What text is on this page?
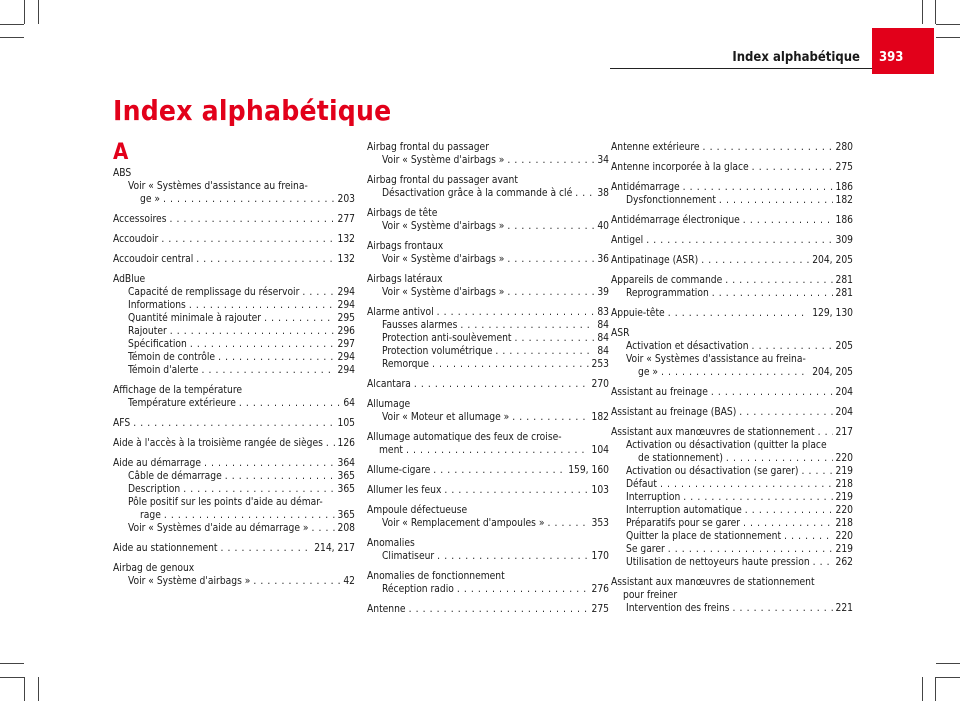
Index alphabétique 393
Index alphabétique
A
ABS
Voir « Systèmes d'assistance au freina-
ge » . . .	203
Accessoires . . .	277
Accoudoir . . .	132
Accoudoir central . . .	132
AdBlue
Capacité de remplissage du réservoir . . .	294
Informations . . .	294
Quantité minimale à rajouter . . .	295
Rajouter . . .	296
Spécification . . .	297
Témoin de contrôle . . .	294
Témoin d'alerte . . .	294
Affichage de la température
Température extérieure . . .	64
AFS . . .	105
Aide à l'accès à la troisième rangée de sièges . . . 126
Aide au démarrage . . .	364
Câble de démarrage . . .	365
Description . . .	365
Pôle positif sur les points d'aide au démar-
rage . . .	365
Voir « Systèmes d'aide au démarrage » . . .	208
Aide au stationnement . . .	214, 217
Airbag de genoux
Voir « Système d'airbags » . . .	42
Airbag frontal du passager
Voir « Système d'airbags » . . .	34
Airbag frontal du passager avant
Désactivation grâce à la commande à clé . . . 38
Airbags de tête
Voir « Système d'airbags » . . .	40
Airbags frontaux
Voir « Système d'airbags » . . .	36
Airbags latéraux
Voir « Système d'airbags » . . .	39
Alarme antivol . . .	83
Fausses alarmes . . .	84
Protection anti-soulèvement . . .	84
Protection volumétrique . . .	84
Remorque . . .	253
Alcantara . . .	270
Allumage
Voir « Moteur et allumage » . . .	182
Allumage automatique des feux de croise-
ment . . .	104
Allume-cigare . . .	159, 160
Allumer les feux . . .	103
Ampoule défectueuse
Voir « Remplacement d'ampoules » . . .	353
Anomalies
Climatiseur . . .	170
Anomalies de fonctionnement
Réception radio . . .	276
Antenne . . .	275
Antenne extérieure . . .	280
Antenne incorporée à la glace . . .	275
Antidémarrage . . .	186
Dysfonctionnement . . .	182
Antidémarrage électronique . . .	186
Antigel . . .	309
Antipatinage (ASR) . . .	204, 205
Appareils de commande . . .	281
Reprogrammation . . .	281
Appuie-tête . . .	129, 130
ASR
Activation et désactivation . . .	205
Voir « Systèmes d'assistance au freina-
ge » . . .	204, 205
Assistant au freinage . . .	204
Assistant au freinage (BAS) . . .	204
Assistant aux manœuvres de stationnement . . . 217
Activation ou désactivation (quitter la place
de stationnement) . . .	220
Activation ou désactivation (se garer) . . .	219
Défaut . . .	218
Interruption . . .	219
Interruption automatique . . .	220
Préparatifs pour se garer . . .	218
Quitter la place de stationnement . . .	220
Se garer . . .	219
Utilisation de nettoyeurs haute pression . . .	262
Assistant aux manœuvres de stationnement
pour freiner
Intervention des freins . . .	221
